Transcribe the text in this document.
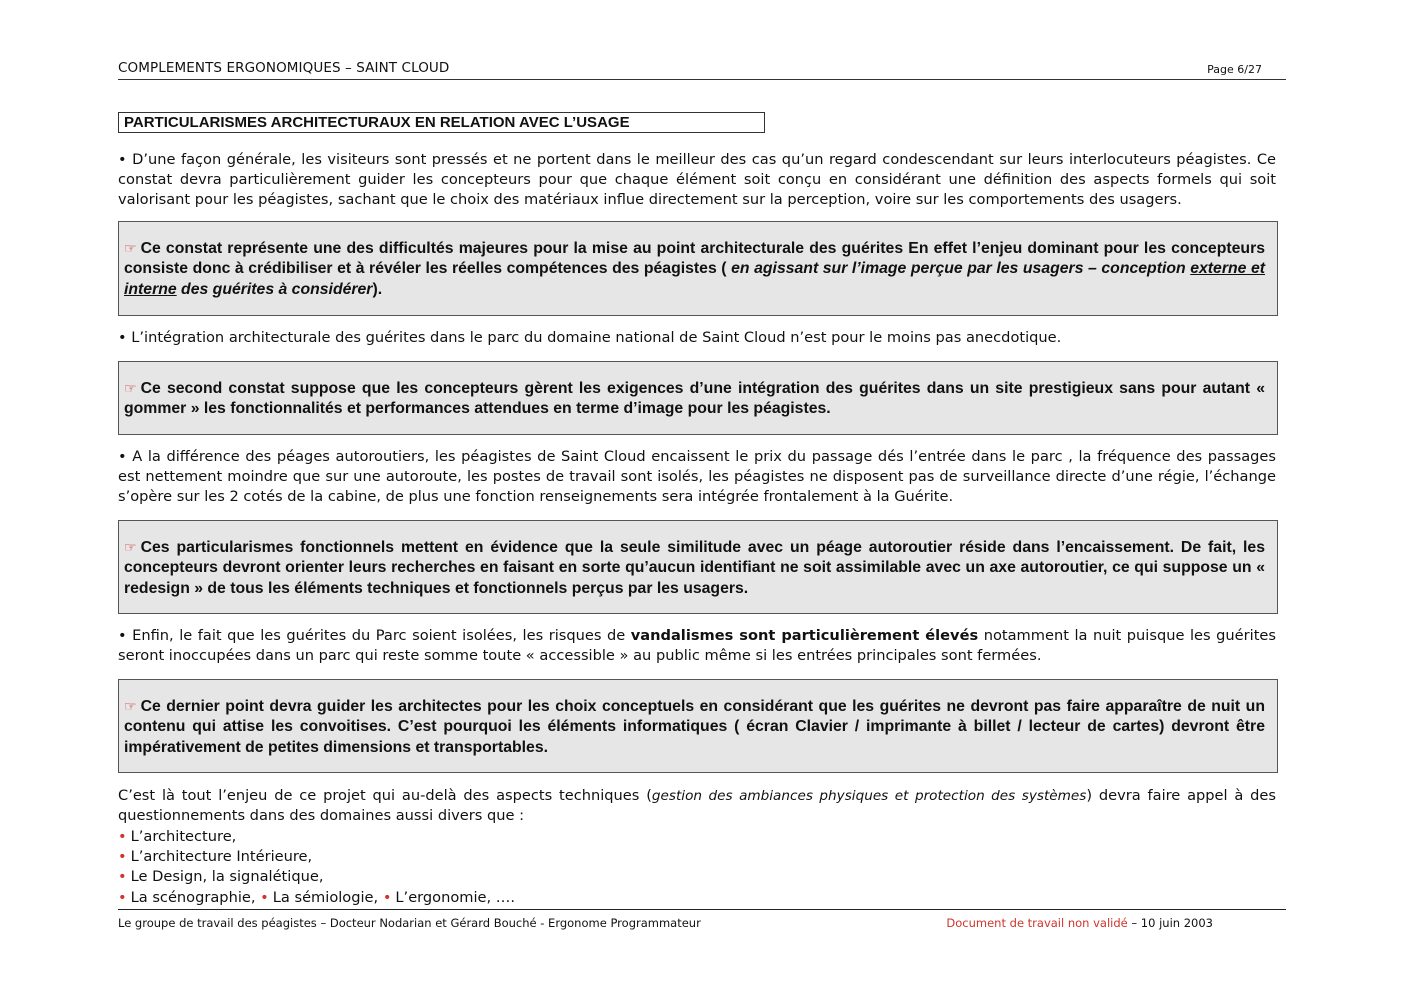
COMPLEMENTS ERGONOMIQUES – SAINT CLOUD	Page 6/27
PARTICULARISMES ARCHITECTURAUX EN RELATION AVEC L’USAGE
• D’une façon générale, les visiteurs sont pressés et ne portent dans le meilleur des cas qu’un regard condescendant sur leurs interlocuteurs péagistes. Ce constat devra particulièrement guider les concepteurs pour que chaque élément soit conçu en considérant une définition des aspects formels qui soit valorisant pour les péagistes, sachant que le choix des matériaux influe directement sur la perception, voire sur les comportements des usagers.
☞ Ce constat représente une des difficultés majeures pour la mise au point architecturale des guérites En effet l’enjeu dominant pour les concepteurs consiste donc à crédibiliser et à révéler les réelles compétences des péagistes ( en agissant sur l’image perçue par les usagers – conception externe et interne des guérites à considérer).
• L’intégration architecturale des guérites dans le parc du domaine national de Saint Cloud n’est pour le moins pas anecdotique.
☞ Ce second constat suppose que les concepteurs gèrent les exigences d’une intégration des guérites dans un site prestigieux sans pour autant « gommer » les fonctionnalités et performances attendues en terme d’image pour les péagistes.
• A la différence des péages autoroutiers, les péagistes de Saint Cloud encaissent le prix du passage dés l’entrée dans le parc , la fréquence des passages est nettement moindre que sur une autoroute, les postes de travail sont isolés, les péagistes ne disposent pas de surveillance directe d’une régie, l’échange s’opère sur les 2 cotés de la cabine, de plus une fonction renseignements sera intégrée frontalement à la Guérite.
☞ Ces particularismes fonctionnels mettent en évidence que la seule similitude avec un péage autoroutier réside dans l’encaissement. De fait, les concepteurs devront orienter leurs recherches en faisant en sorte qu’aucun identifiant ne soit assimilable avec un axe autoroutier, ce qui suppose un « redesign » de tous les éléments techniques et fonctionnels perçus par les usagers.
• Enfin, le fait que les guérites du Parc soient isolées, les risques de vandalismes sont particulièrement élevés notamment la nuit puisque les guérites seront inoccupées dans un parc qui reste somme toute « accessible » au public même si les entrées principales sont fermées.
☞ Ce dernier point devra guider les architectes pour les choix conceptuels en considérant que les guérites ne devront pas faire apparaître de nuit un contenu qui attise les convoitises. C’est pourquoi les éléments informatiques ( écran Clavier / imprimante à billet / lecteur de cartes) devront être impérativement de petites dimensions et transportables.
C’est là tout l’enjeu de ce projet qui au-delà des aspects techniques (gestion des ambiances physiques et protection des systèmes) devra faire appel à des questionnements dans des domaines aussi divers que :
• L’architecture,
• L’architecture Intérieure,
• Le Design, la signalétique,
• La scénographie, • La sémiologie, • L’ergonomie, ….
Le groupe de travail des péagistes – Docteur Nodarian et Gérard Bouché - Ergonome Programmateur	Document de travail non validé – 10 juin 2003
